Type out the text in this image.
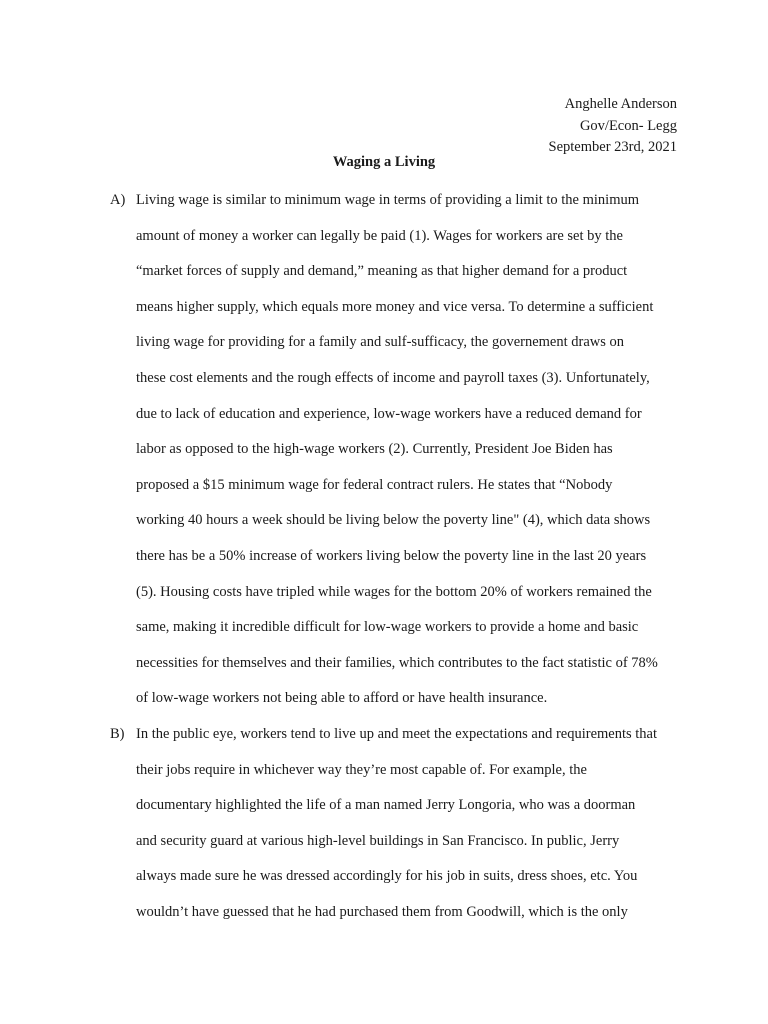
Anghelle Anderson
Gov/Econ- Legg
September 23rd, 2021
Waging a Living
A) Living wage is similar to minimum wage in terms of providing a limit to the minimum
amount of money a worker can legally be paid (1). Wages for workers are set by the
“market forces of supply and demand,” meaning as that higher demand for a product
means higher supply, which equals more money and vice versa. To determine a sufficient
living wage for providing for a family and sulf-sufficacy, the governement draws on
these cost elements and the rough effects of income and payroll taxes (3). Unfortunately,
due to lack of education and experience, low-wage workers have a reduced demand for
labor as opposed to the high-wage workers (2). Currently, President Joe Biden has
proposed a $15 minimum wage for federal contract rulers. He states that “Nobody
working 40 hours a week should be living below the poverty line" (4), which data shows
there has be a 50% increase of workers living below the poverty line in the last 20 years
(5). Housing costs have tripled while wages for the bottom 20% of workers remained the
same, making it incredible difficult for low-wage workers to provide a home and basic
necessities for themselves and their families, which contributes to the fact statistic of 78%
of low-wage workers not being able to afford or have health insurance.
B) In the public eye, workers tend to live up and meet the expectations and requirements that
their jobs require in whichever way they’re most capable of. For example, the
documentary highlighted the life of a man named Jerry Longoria, who was a doorman
and security guard at various high-level buildings in San Francisco. In public, Jerry
always made sure he was dressed accordingly for his job in suits, dress shoes, etc. You
wouldn’t have guessed that he had purchased them from Goodwill, which is the only
